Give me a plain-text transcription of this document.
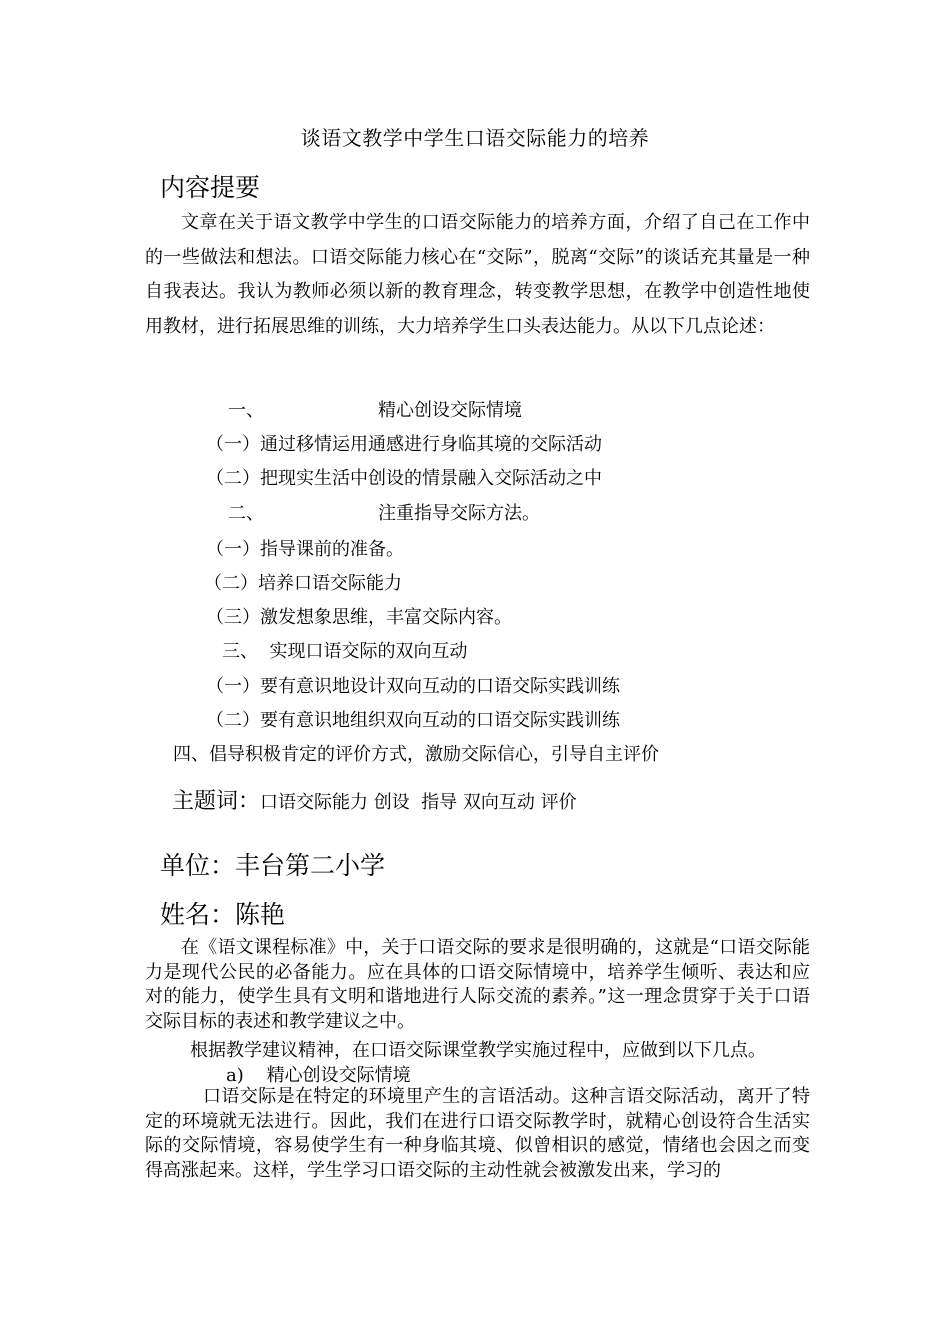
谈语文教学中学生口语交际能力的培养
内容提要
文章在关于语文教学中学生的口语交际能力的培养方面，介绍了自己在工作中的一些做法和想法。口语交际能力核心在“交际”，脱离“交际”的谈话充其量是一种自我表达。我认为教师必须以新的教育理念，转变教学思想，在教学中创造性地使用教材，进行拓展思维的训练，大力培养学生口头表达能力。从以下几点论述：
一、	精心创设交际情境
（一）通过移情运用通感进行身临其境的交际活动
（二）把现实生活中创设的情景融入交际活动之中
二、	注重指导交际方法。
（一）指导课前的准备。
（二）培养口语交际能力
（三）激发想象思维，丰富交际内容。
三、  实现口语交际的双向互动
（一）要有意识地设计双向互动的口语交际实践训练
（二）要有意识地组织双向互动的口语交际实践训练
四、倡导积极肯定的评价方式，激励交际信心，引导自主评价
主题词：口语交际能力 创设  指导 双向互动 评价
单位：丰台第二小学
姓名：陈艳
在《语文课程标准》中，关于口语交际的要求是很明确的，这就是“口语交际能力是现代公民的必备能力。应在具体的口语交际情境中，培养学生倾听、表达和应对的能力，使学生具有文明和谐地进行人际交流的素养。”这一理念贯穿于关于口语交际目标的表述和教学建议之中。
根据教学建议精神，在口语交际课堂教学实施过程中，应做到以下几点。
a)    精心创设交际情境
口语交际是在特定的环境里产生的言语活动。这种言语交际活动，离开了特定的环境就无法进行。因此，我们在进行口语交际教学时，就精心创设符合生活实际的交际情境，容易使学生有一种身临其境、似曾相识的感觉，情绪也会因之而变得高涨起来。这样，学生学习口语交际的主动性就会被激发出来，学习的
